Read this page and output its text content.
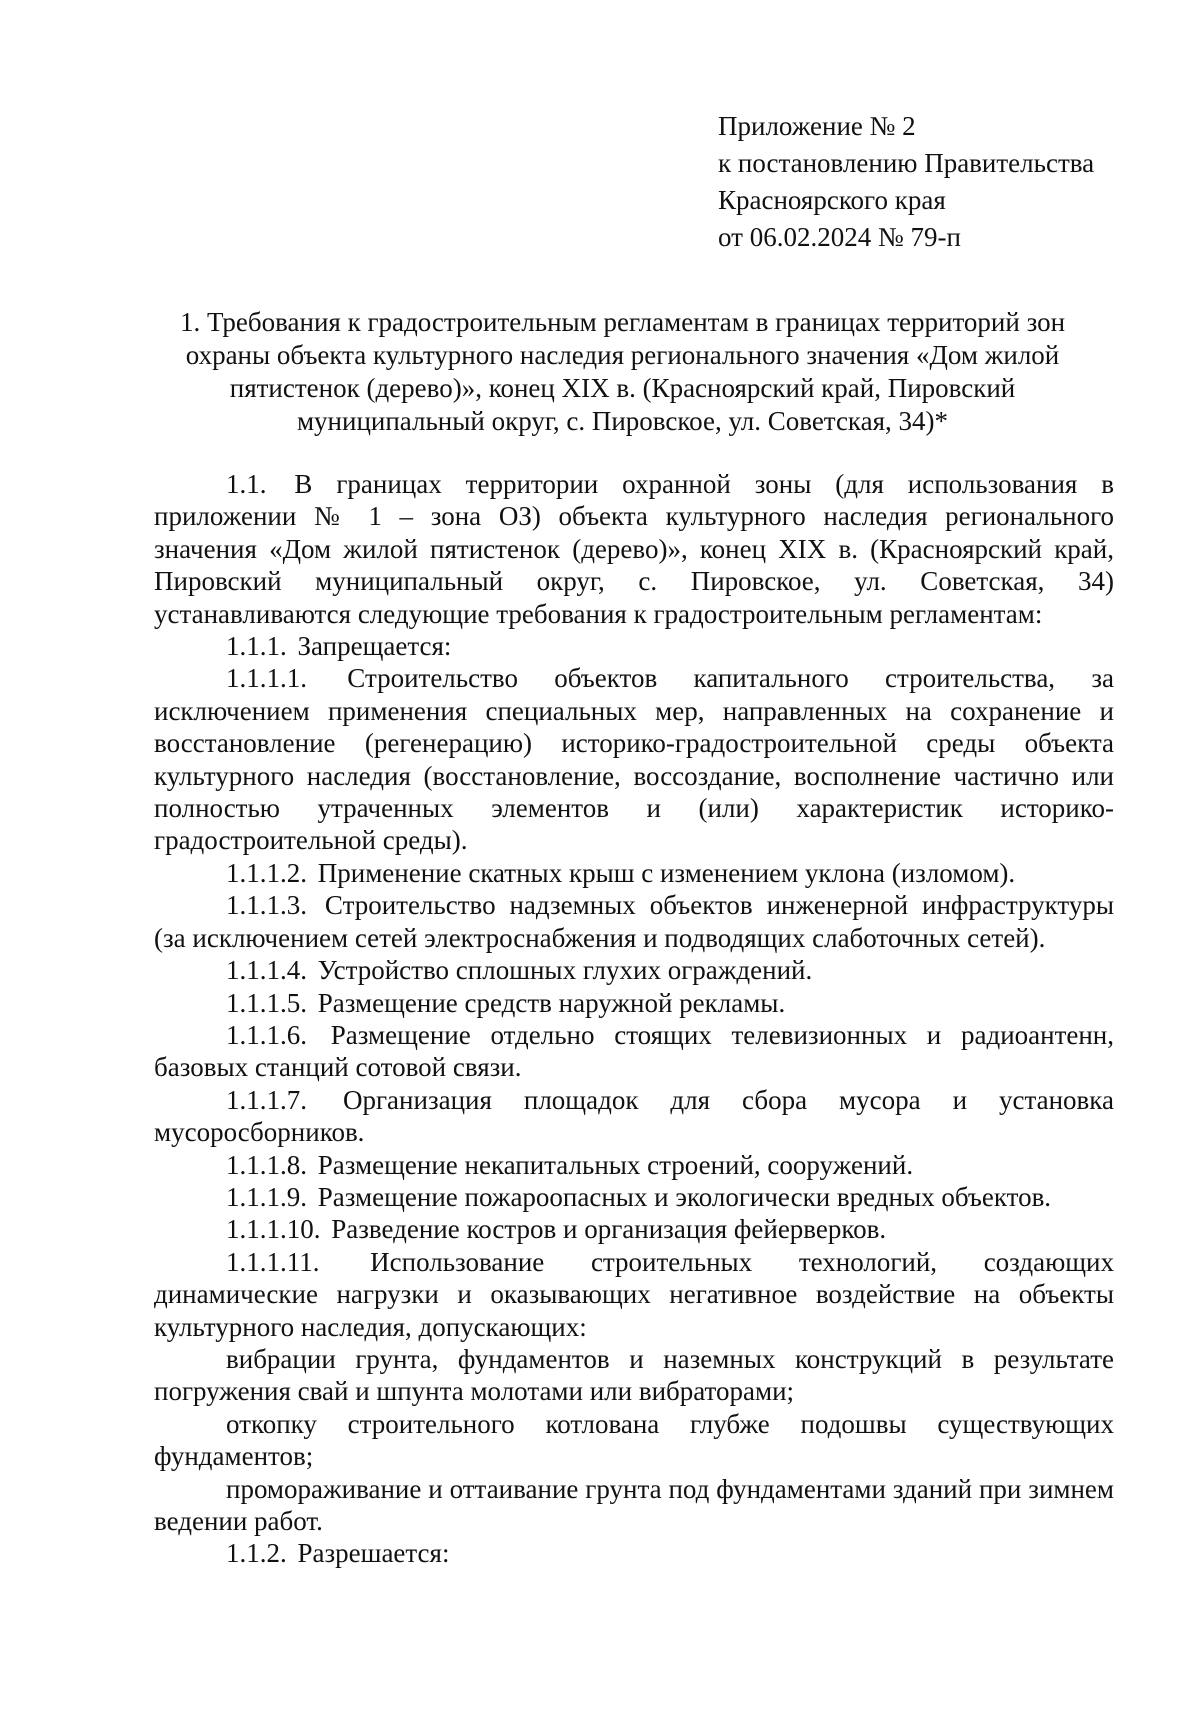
Приложение № 2
к постановлению Правительства
Красноярского края
от 06.02.2024 № 79-п
1. Требования к градостроительным регламентам в границах территорий зон охраны объекта культурного наследия регионального значения «Дом жилой пятистенок (дерево)», конец XIX в. (Красноярский край, Пировский муниципальный округ, с. Пировское, ул. Советская, 34)*

1.1. В границах территории охранной зоны (для использования в приложении № 1 – зона ОЗ) объекта культурного наследия регионального значения «Дом жилой пятистенок (дерево)», конец XIX в. (Красноярский край, Пировский муниципальный округ, с. Пировское, ул. Советская, 34) устанавливаются следующие требования к градостроительным регламентам:

1.1.1. Запрещается:

1.1.1.1. Строительство объектов капитального строительства, за исключением применения специальных мер, направленных на сохранение и восстановление (регенерацию) историко-градостроительной среды объекта культурного наследия (восстановление, воссоздание, восполнение частично или полностью утраченных элементов и (или) характеристик историко-градостроительной среды).

1.1.1.2. Применение скатных крыш с изменением уклона (изломом).

1.1.1.3. Строительство надземных объектов инженерной инфраструктуры (за исключением сетей электроснабжения и подводящих слаботочных сетей).

1.1.1.4. Устройство сплошных глухих ограждений.

1.1.1.5. Размещение средств наружной рекламы.

1.1.1.6. Размещение отдельно стоящих телевизионных и радиоантенн, базовых станций сотовой связи.

1.1.1.7. Организация площадок для сбора мусора и установка мусоросборников.

1.1.1.8. Размещение некапитальных строений, сооружений.

1.1.1.9. Размещение пожароопасных и экологически вредных объектов.

1.1.1.10. Разведение костров и организация фейерверков.

1.1.1.11. Использование строительных технологий, создающих динамические нагрузки и оказывающих негативное воздействие на объекты культурного наследия, допускающих:

вибрации грунта, фундаментов и наземных конструкций в результате погружения свай и шпунта молотами или вибраторами;

откопку строительного котлована глубже подошвы существующих фундаментов;

промораживание и оттаивание грунта под фундаментами зданий при зимнем ведении работ.

1.1.2. Разрешается:
